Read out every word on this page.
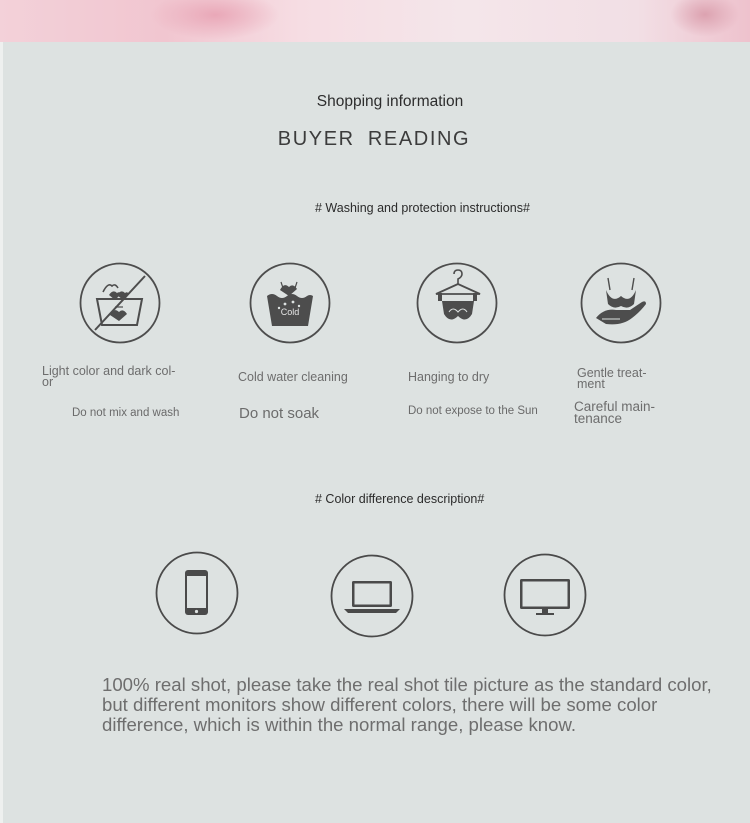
Shopping information
BUYER READING
# Washing and protection instructions#
Cold
Light color and dark col-
or	Cold water cleaning	Hanging to dry	Gentle treat-
ment
Do not mix and wash	Do not soak	Do not expose to the Sun	Careful main-
tenance
# Color difference description#
100% real shot, please take the real shot tile picture as the standard color, but different monitors show different colors, there will be some color difference, which is within the normal range, please know.
